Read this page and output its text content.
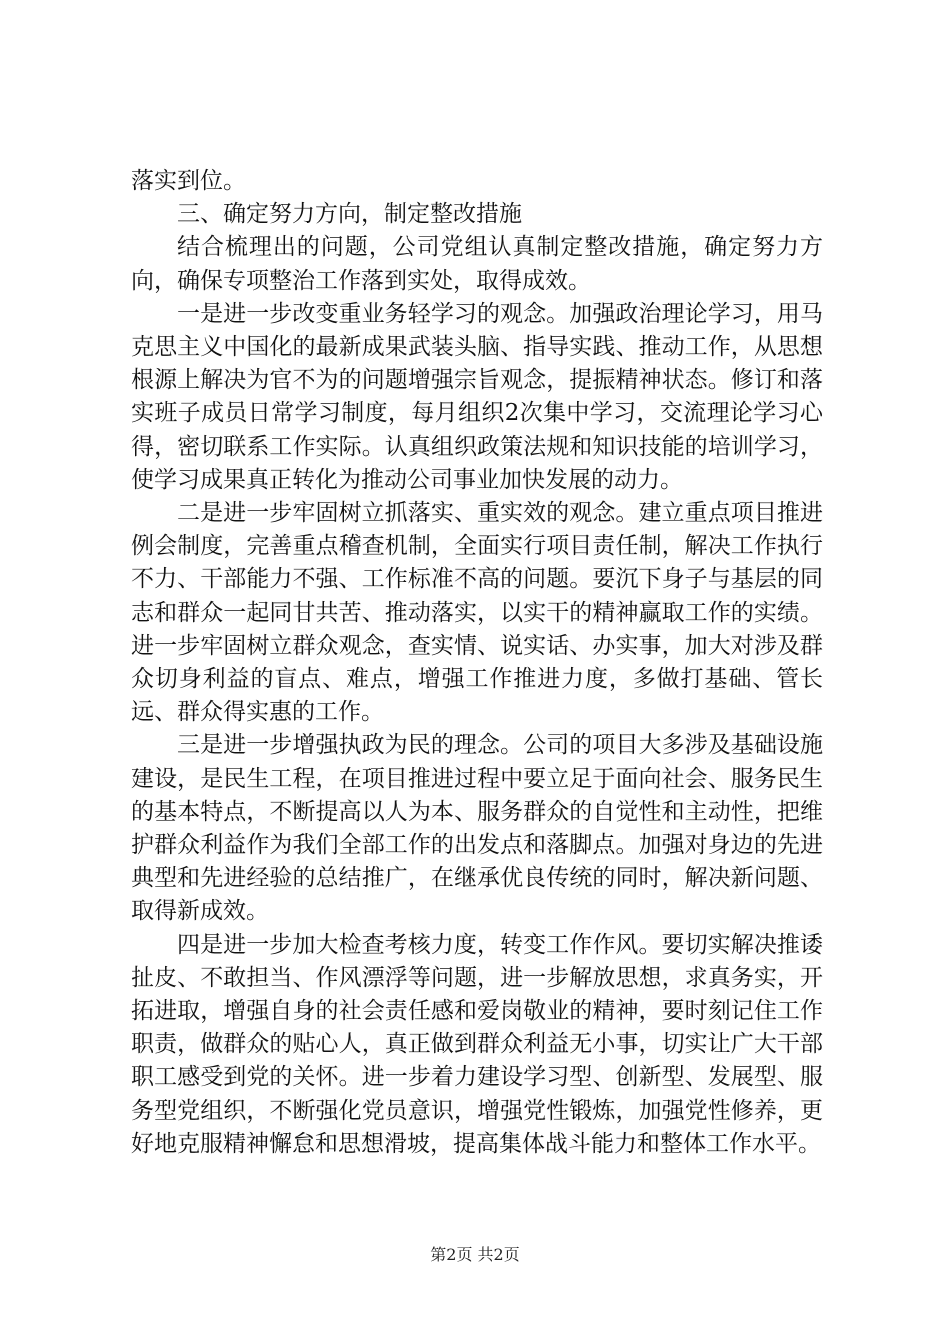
落实到位。

三、确定努力方向，制定整改措施

结合梳理出的问题，公司党组认真制定整改措施，确定努力方向，确保专项整治工作落到实处，取得成效。

一是进一步改变重业务轻学习的观念。加强政治理论学习，用马克思主义中国化的最新成果武装头脑、指导实践、推动工作，从思想根源上解决为官不为的问题增强宗旨观念，提振精神状态。修订和落实班子成员日常学习制度，每月组织2次集中学习，交流理论学习心得，密切联系工作实际。认真组织政策法规和知识技能的培训学习，使学习成果真正转化为推动公司事业加快发展的动力。

二是进一步牢固树立抓落实、重实效的观念。建立重点项目推进例会制度，完善重点稽查机制，全面实行项目责任制，解决工作执行不力、干部能力不强、工作标准不高的问题。要沉下身子与基层的同志和群众一起同甘共苦、推动落实，以实干的精神赢取工作的实绩。进一步牢固树立群众观念，查实情、说实话、办实事，加大对涉及群众切身利益的盲点、难点，增强工作推进力度，多做打基础、管长远、群众得实惠的工作。

三是进一步增强执政为民的理念。公司的项目大多涉及基础设施建设，是民生工程，在项目推进过程中要立足于面向社会、服务民生的基本特点，不断提高以人为本、服务群众的自觉性和主动性，把维护群众利益作为我们全部工作的出发点和落脚点。加强对身边的先进典型和先进经验的总结推广，在继承优良传统的同时，解决新问题、取得新成效。

四是进一步加大检查考核力度，转变工作作风。要切实解决推诿扯皮、不敢担当、作风漂浮等问题，进一步解放思想，求真务实，开拓进取，增强自身的社会责任感和爱岗敬业的精神，要时刻记住工作职责，做群众的贴心人，真正做到群众利益无小事，切实让广大干部职工感受到党的关怀。进一步着力建设学习型、创新型、发展型、服务型党组织，不断强化党员意识，增强党性锻炼，加强党性修养，更好地克服精神懈怠和思想滑坡，提高集体战斗能力和整体工作水平。

第2页 共2页
